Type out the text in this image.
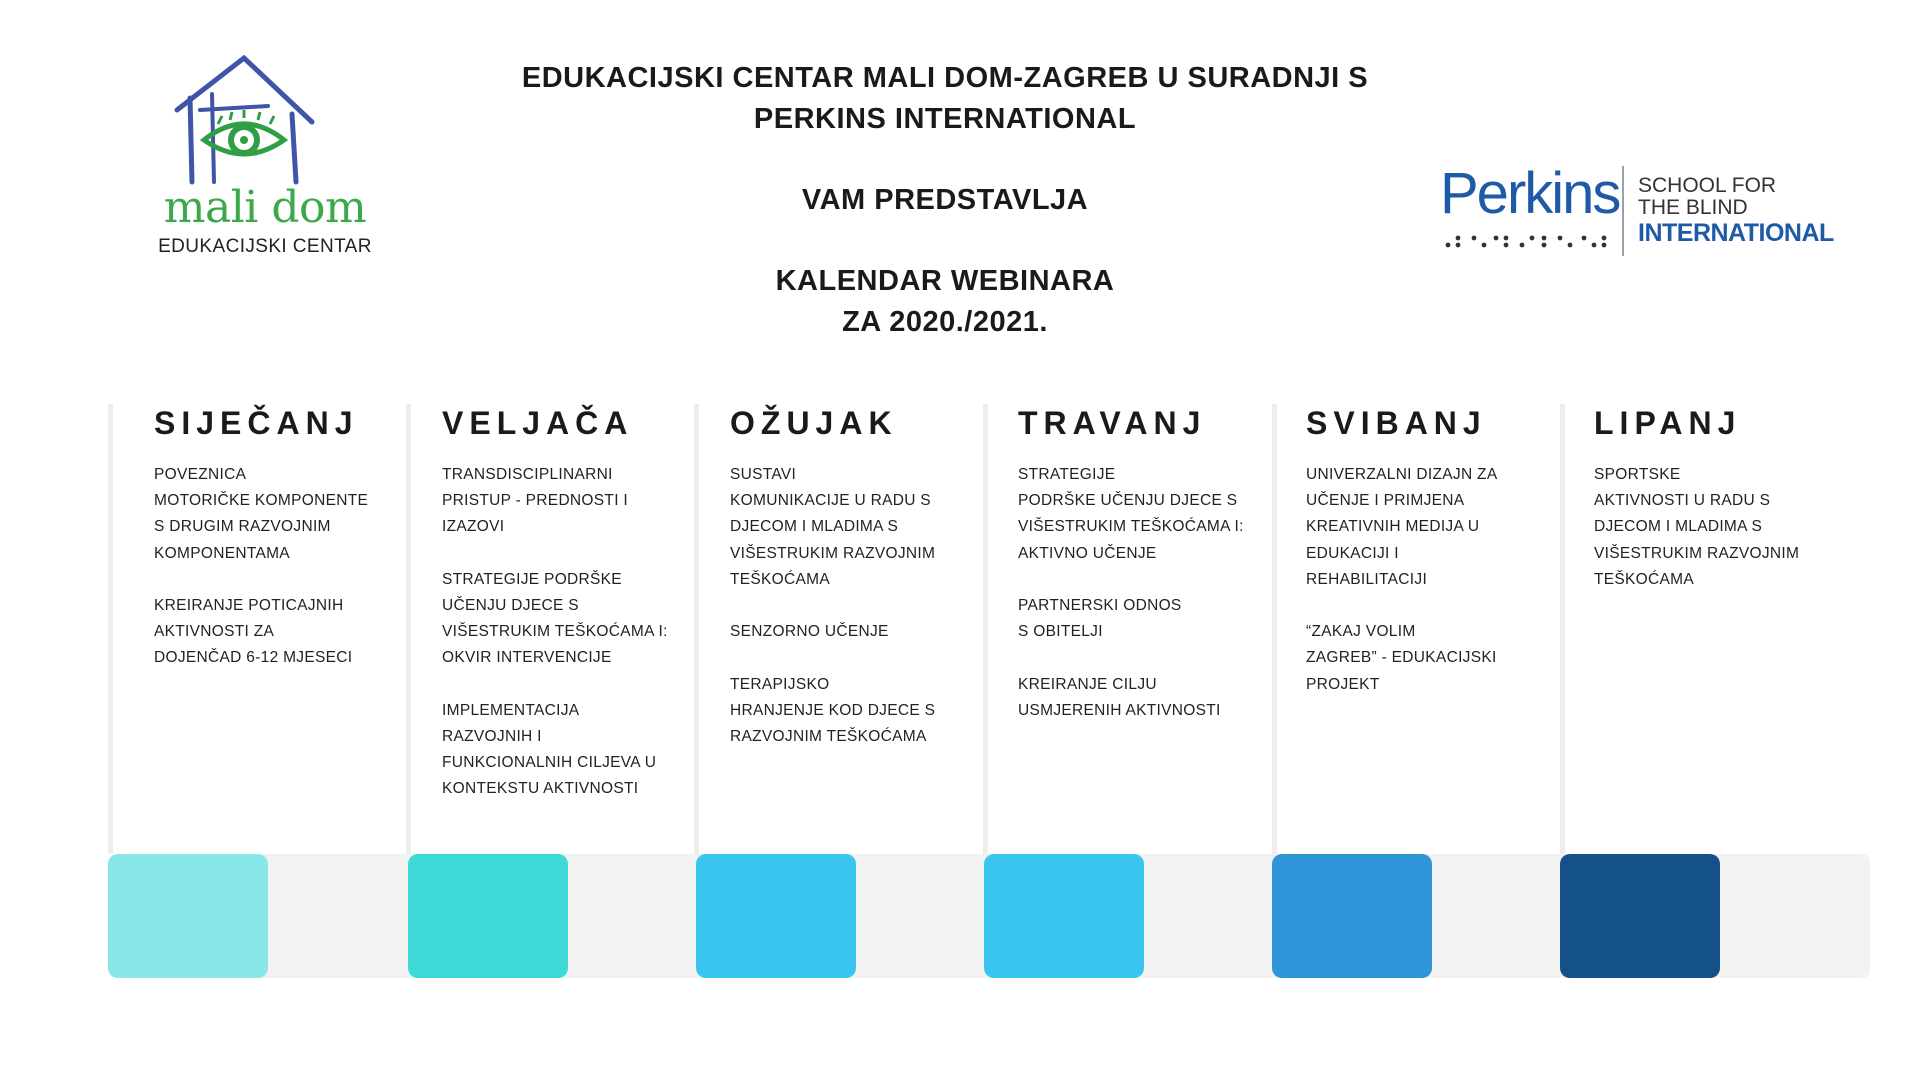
EDUKACIJSKI CENTAR MALI DOM-ZAGREB U SURADNJI S
PERKINS INTERNATIONAL
VAM PREDSTAVLJA
KALENDAR WEBINARA
ZA 2020./2021.
mali dom
EDUKACIJSKI CENTAR
Perkins SCHOOL FOR
THE BLIND
INTERNATIONAL
SIJEČANJ
POVEZNICA
MOTORIČKE KOMPONENTE
S DRUGIM RAZVOJNIM
KOMPONENTAMA
KREIRANJE POTICAJNIH
AKTIVNOSTI ZA
DOJENČAD 6-12 MJESECI
VELJAČA
TRANSDISCIPLINARNI
PRISTUP - PREDNOSTI I
IZAZOVI
STRATEGIJE PODRŠKE
UČENJU DJECE S
VIŠESTRUKIM TEŠKOĆAMA I:
OKVIR INTERVENCIJE
IMPLEMENTACIJA
RAZVOJNIH I
FUNKCIONALNIH CILJEVA U
KONTEKSTU AKTIVNOSTI
OŽUJAK
SUSTAVI
KOMUNIKACIJE U RADU S
DJECOM I MLADIMA S
VIŠESTRUKIM RAZVOJNIM
TEŠKOĆAMA
SENZORNO UČENJE
TERAPIJSKO
HRANJENJE KOD DJECE S
RAZVOJNIM TEŠKOĆAMA
TRAVANJ
STRATEGIJE
PODRŠKE UČENJU DJECE S
VIŠESTRUKIM TEŠKOĆAMA I:
AKTIVNO UČENJE
PARTNERSKI ODNOS
S OBITELJI
KREIRANJE CILJU
USMJERENIH AKTIVNOSTI
SVIBANJ
UNIVERZALNI DIZAJN ZA
UČENJE I PRIMJENA
KREATIVNIH MEDIJA U
EDUKACIJI I
REHABILITACIJI
“ZAKAJ VOLIM
ZAGREB” - EDUKACIJSKI
PROJEKT
LIPANJ
SPORTSKE
AKTIVNOSTI U RADU S
DJECOM I MLADIMA S
VIŠESTRUKIM RAZVOJNIM
TEŠKOĆAMA
